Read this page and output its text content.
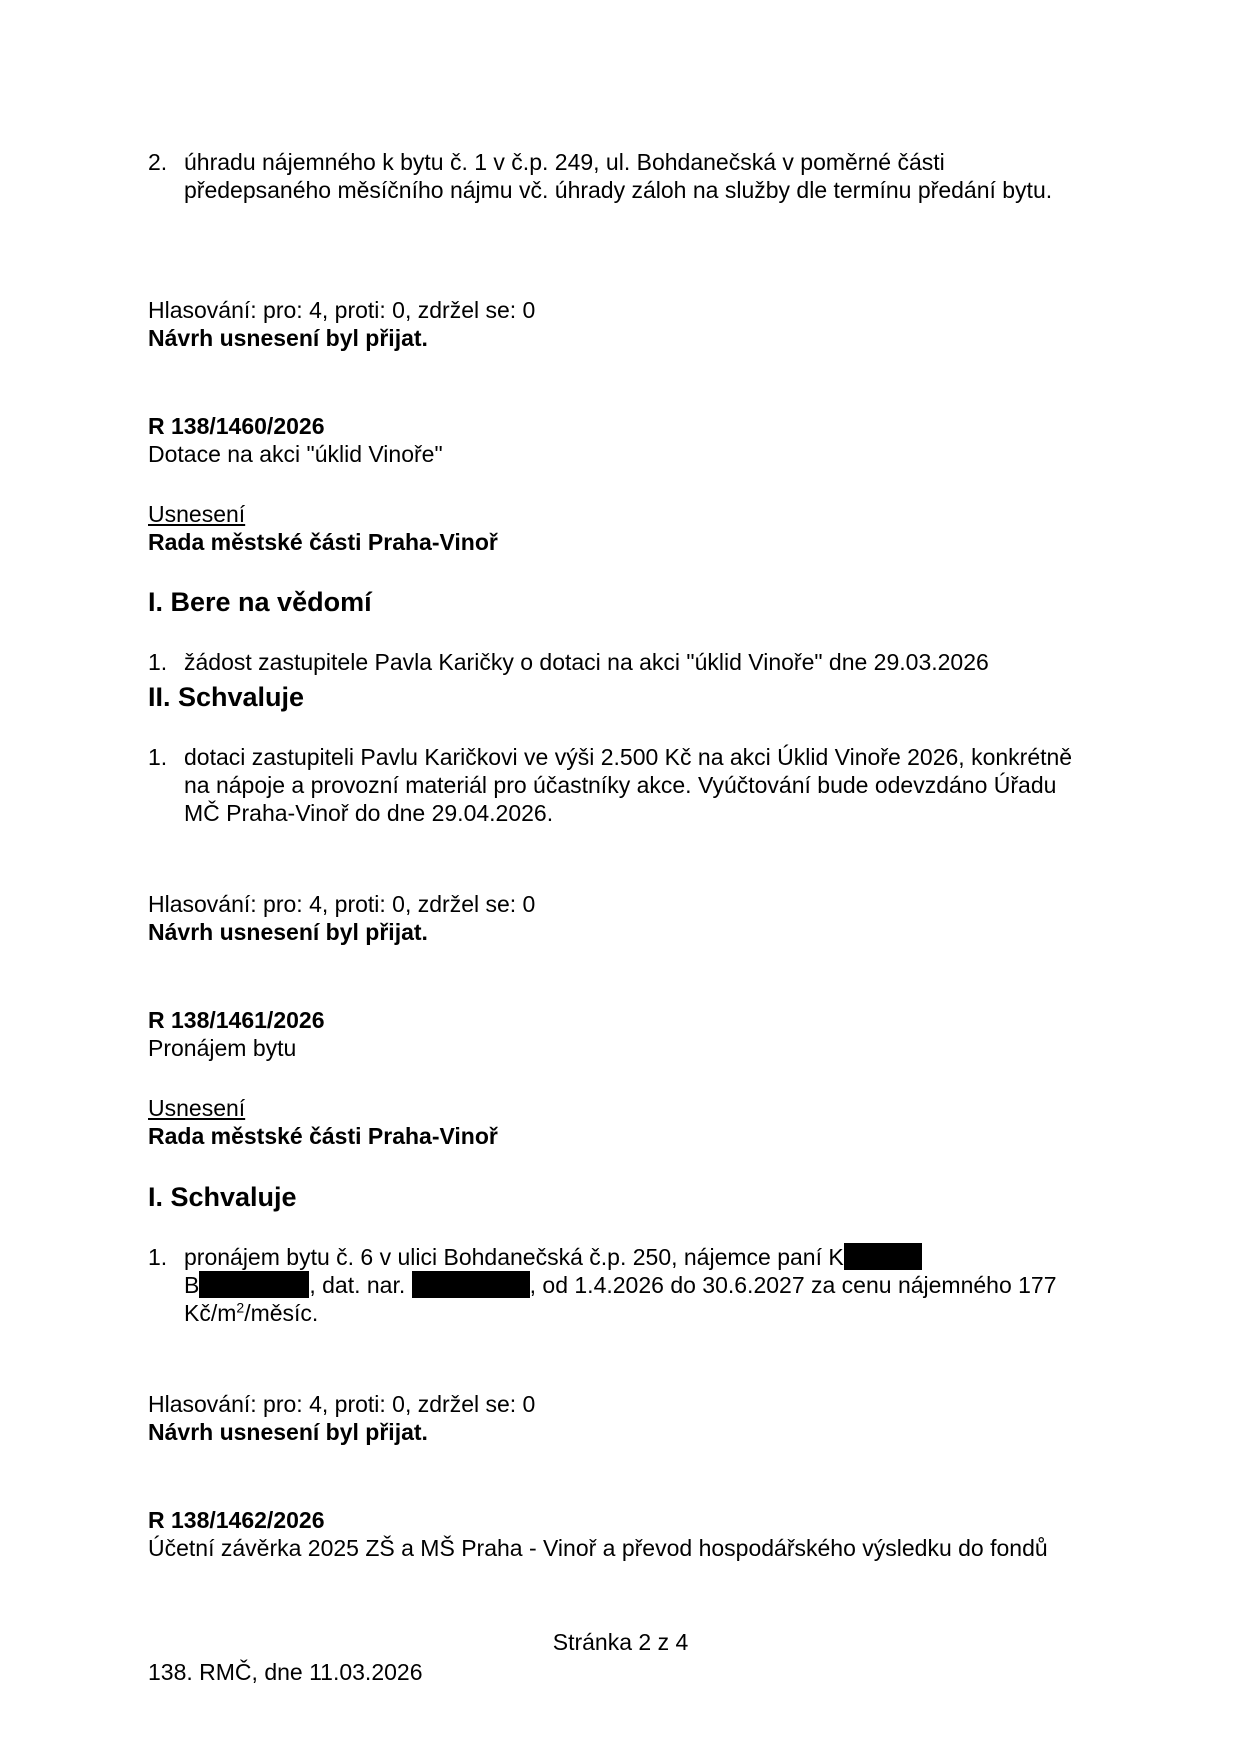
2. úhradu nájemného k bytu č. 1 v č.p. 249, ul. Bohdanečská v poměrné části předepsaného měsíčního nájmu vč. úhrady záloh na služby dle termínu předání bytu.
Hlasování: pro: 4, proti: 0, zdržel se: 0
Návrh usnesení byl přijat.
R 138/1460/2026
Dotace na akci "úklid Vinoře"
Usnesení
Rada městské části Praha-Vinoř
I. Bere na vědomí
1. žádost zastupitele Pavla Karičky o dotaci na akci "úklid Vinoře" dne 29.03.2026
II. Schvaluje
1. dotaci zastupiteli Pavlu Karičkovi ve výši 2.500 Kč na akci Úklid Vinoře 2026, konkrétně na nápoje a provozní materiál pro účastníky akce. Vyúčtování bude odevzdáno Úřadu MČ Praha-Vinoř do dne 29.04.2026.
Hlasování: pro: 4, proti: 0, zdržel se: 0
Návrh usnesení byl přijat.
R 138/1461/2026
Pronájem bytu
Usnesení
Rada městské části Praha-Vinoř
I. Schvaluje
1. pronájem bytu č. 6 v ulici Bohdanečská č.p. 250, nájemce paní K
B	, dat. nar.	, od 1.4.2026 do 30.6.2027 za cenu nájemného 177 $Kč/m^2$/měsíc.
Hlasování: pro: 4, proti: 0, zdržel se: 0
Návrh usnesení byl přijat.
R 138/1462/2026
Účetní závěrka 2025 ZŠ a MŠ Praha - Vinoř a převod hospodářského výsledku do fondů
Stránka 2 z 4
138. RMČ, dne 11.03.2026
